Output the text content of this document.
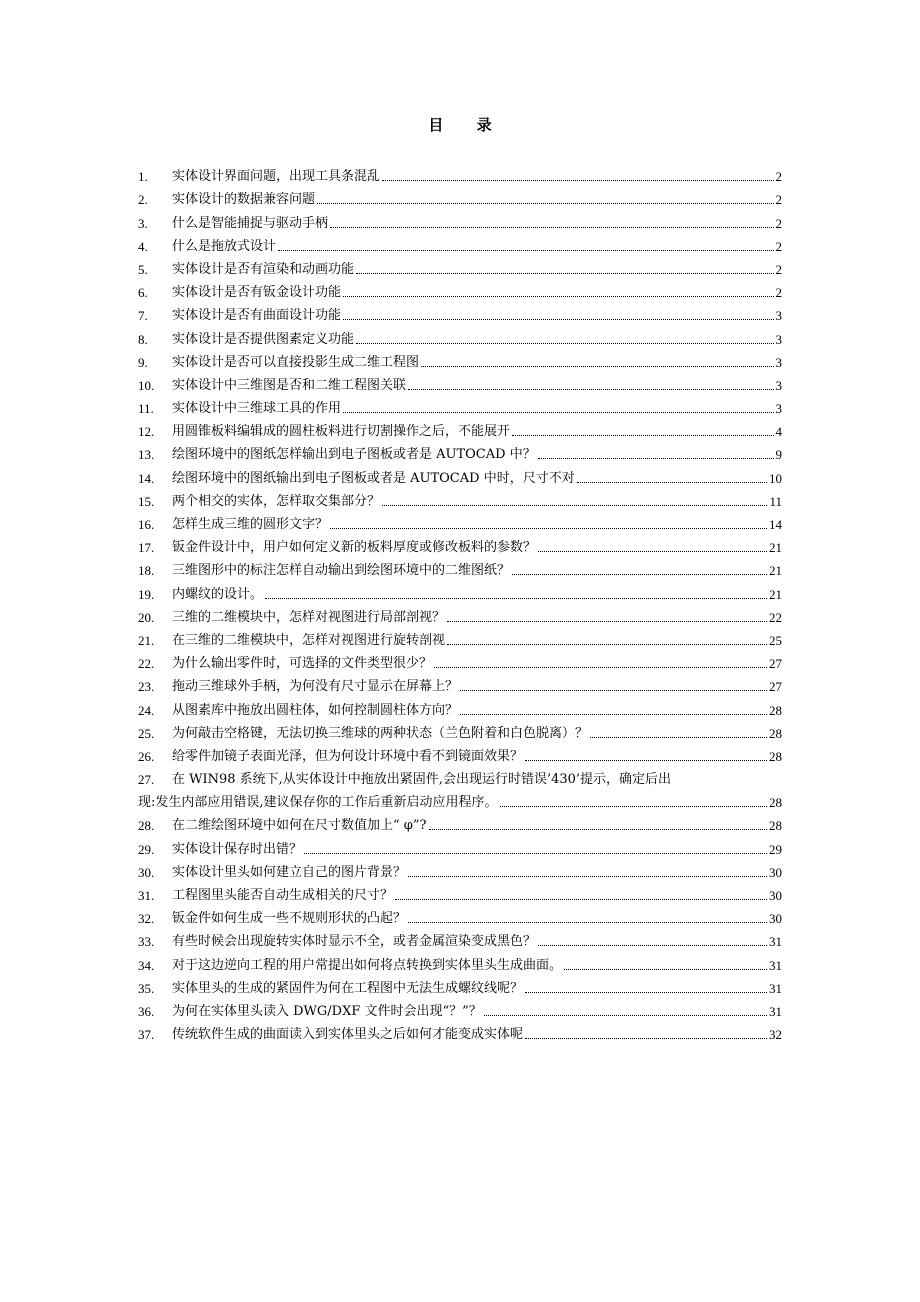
目 录
1.	实体设计界面问题，出现工具条混乱	2
2.	实体设计的数据兼容问题	2
3.	什么是智能捕捉与驱动手柄	2
4.	什么是拖放式设计	2
5.	实体设计是否有渲染和动画功能	2
6.	实体设计是否有钣金设计功能	2
7.	实体设计是否有曲面设计功能	3
8.	实体设计是否提供图素定义功能	3
9.	实体设计是否可以直接投影生成二维工程图	3
10.	实体设计中三维图是否和二维工程图关联	3
11.	实体设计中三维球工具的作用	3
12.	用圆锥板料编辑成的圆柱板料进行切割操作之后，不能展开	4
13.	绘图环境中的图纸怎样输出到电子图板或者是 AUTOCAD 中？	9
14.	绘图环境中的图纸输出到电子图板或者是 AUTOCAD 中时，尺寸不对	10
15.	两个相交的实体，怎样取交集部分？	11
16.	怎样生成三维的圆形文字？	14
17.	钣金件设计中，用户如何定义新的板料厚度或修改板料的参数？	21
18.	三维图形中的标注怎样自动输出到绘图环境中的二维图纸？	21
19.	内螺纹的设计。	21
20.	三维的二维模块中，怎样对视图进行局部剖视？	22
21.	在三维的二维模块中，怎样对视图进行旋转剖视	25
22.	为什么输出零件时，可选择的文件类型很少？	27
23.	拖动三维球外手柄，为何没有尺寸显示在屏幕上？	27
24.	从图素库中拖放出圆柱体，如何控制圆柱体方向？	28
25.	为何敲击空格键，无法切换三维球的两种状态（兰色附着和白色脱离）？	28
26.	给零件加镜子表面光泽，但为何设计环境中看不到镜面效果？	28
27.	在 WIN98 系统下,从实体设计中拖放出紧固件,会出现运行时错误’430’提示，确定后出
现:发生内部应用错误,建议保存你的工作后重新启动应用程序。	28
28.	在二维绘图环境中如何在尺寸数值加上“ φ”?	28
29.	实体设计保存时出错？	29
30.	实体设计里头如何建立自己的图片背景？	30
31.	工程图里头能否自动生成相关的尺寸？	30
32.	钣金件如何生成一些不规则形状的凸起？	30
33.	有些时候会出现旋转实体时显示不全，或者金属渲染变成黑色？	31
34.	对于这边逆向工程的用户常提出如何将点转换到实体里头生成曲面。	31
35.	实体里头的生成的紧固件为何在工程图中无法生成螺纹线呢？	31
36.	为何在实体里头读入 DWG/DXF 文件时会出现“？”？	31
37.	传统软件生成的曲面读入到实体里头之后如何才能变成实体呢	32
